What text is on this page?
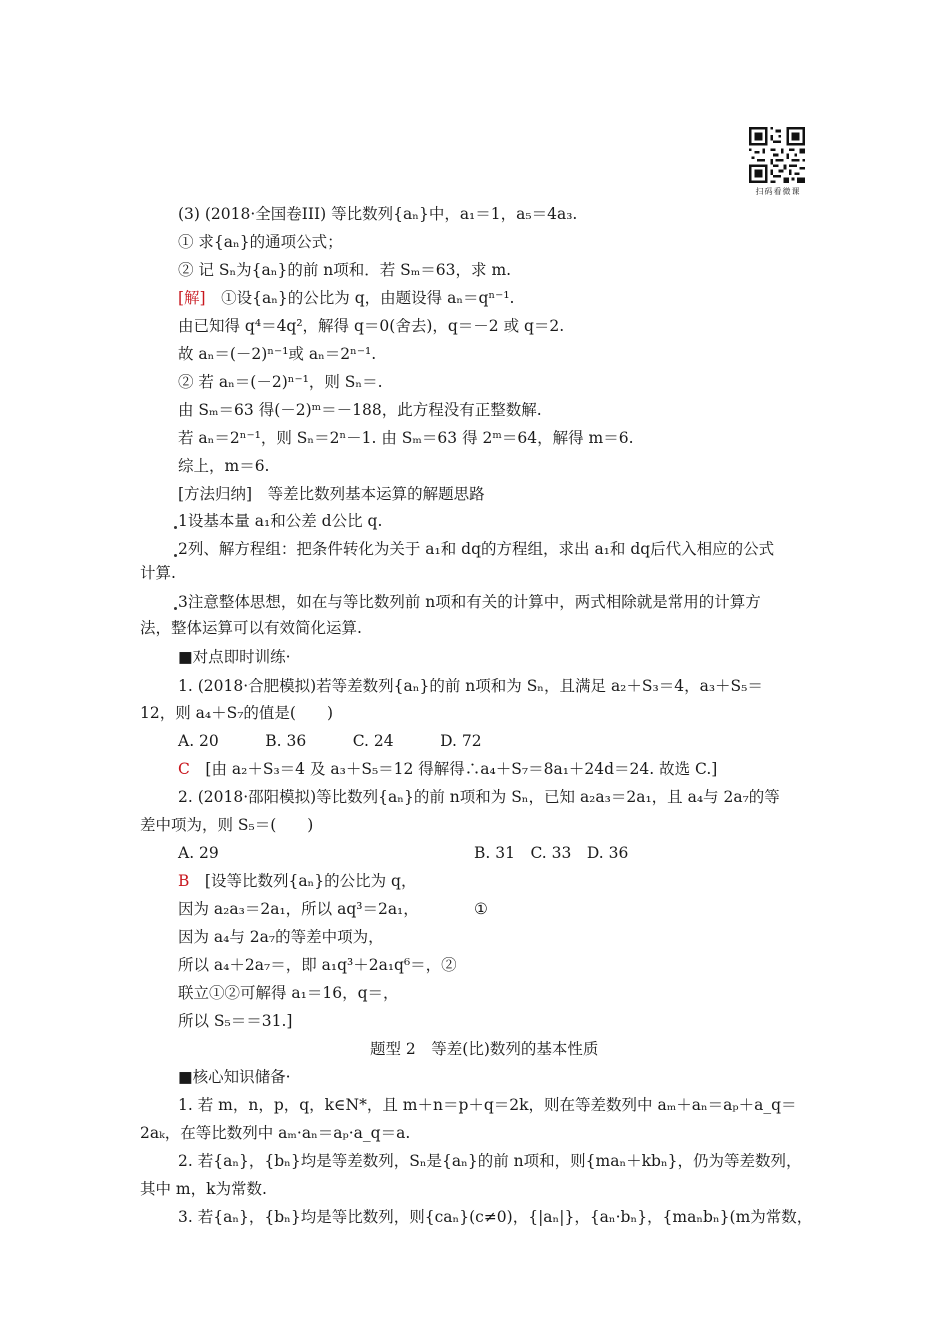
扫码看微课
(3) (2018·全国卷III) 等比数列{aₙ}中，a₁＝1，a₅＝4a₃.
① 求{aₙ}的通项公式；
② 记 Sₙ为{aₙ}的前 n项和．若 Sₘ＝63，求 m.
[解]　 ①设{aₙ}的公比为 q，由题设得 aₙ＝qⁿ⁻¹.
由已知得 q⁴＝4q²，解得 q＝0(舍去)，q＝－2 或 q＝2.
故 aₙ＝(－2)ⁿ⁻¹或 aₙ＝2ⁿ⁻¹.
② 若 aₙ＝(－2)ⁿ⁻¹，则 Sₙ＝.
由 Sₘ＝63 得(－2)ᵐ＝－188，此方程没有正整数解.
若 aₙ＝2ⁿ⁻¹，则 Sₙ＝2ⁿ－1. 由 Sₘ＝63 得 2ᵐ＝64，解得 m＝6.
综上，m＝6.
[方法归纳]　等差比数列基本运算的解题思路
1设基本量 a₁和公差 d公比 q.
2列、解方程组：把条件转化为关于 a₁和 dq的方程组，求出 a₁和 dq后代入相应的公式
计算.
3注意整体思想，如在与等比数列前 n项和有关的计算中，两式相除就是常用的计算方
法，整体运算可以有效简化运算.
■对点即时训练·
1. (2018·合肥模拟)若等差数列{aₙ}的前 n项和为 Sₙ，且满足 a₂＋S₃＝4，a₃＋S₅＝
12，则 a₄＋S₇的值是(　　)
A. 20　　　B. 36　　　C. 24　　　D. 72
C　 [由 a₂＋S₃＝4 及 a₃＋S₅＝12 得解得∴a₄＋S₇＝8a₁＋24d＝24. 故选 C.]
2. (2018·邵阳模拟)等比数列{aₙ}的前 n项和为 Sₙ，已知 a₂a₃＝2a₁，且 a₄与 2a₇的等
差中项为，则 S₅＝(　　)
A. 29	B. 31　C. 33　D. 36
B　 [设等比数列{aₙ}的公比为 q，
因为 a₂a₃＝2a₁，所以 aq³＝2a₁，	①
因为 a₄与 2a₇的等差中项为，
所以 a₄＋2a₇＝，即 a₁q³＋2a₁q⁶＝，②
联立①②可解得 a₁＝16，q＝，
所以 S₅＝＝31.]
题型 2　等差(比)数列的基本性质
■核心知识储备·
1. 若 m，n，p，q，k∈N*，且 m＋n＝p＋q＝2k，则在等差数列中 aₘ＋aₙ＝aₚ＋a_q＝
2aₖ，在等比数列中 aₘ·aₙ＝aₚ·a_q＝a.
2. 若{aₙ}，{bₙ}均是等差数列，Sₙ是{aₙ}的前 n项和，则{maₙ＋kbₙ}，仍为等差数列，
其中 m，k为常数.
3. 若{aₙ}，{bₙ}均是等比数列，则{caₙ}(c≠0)，{|aₙ|}，{aₙ·bₙ}，{maₙbₙ}(m为常数，
